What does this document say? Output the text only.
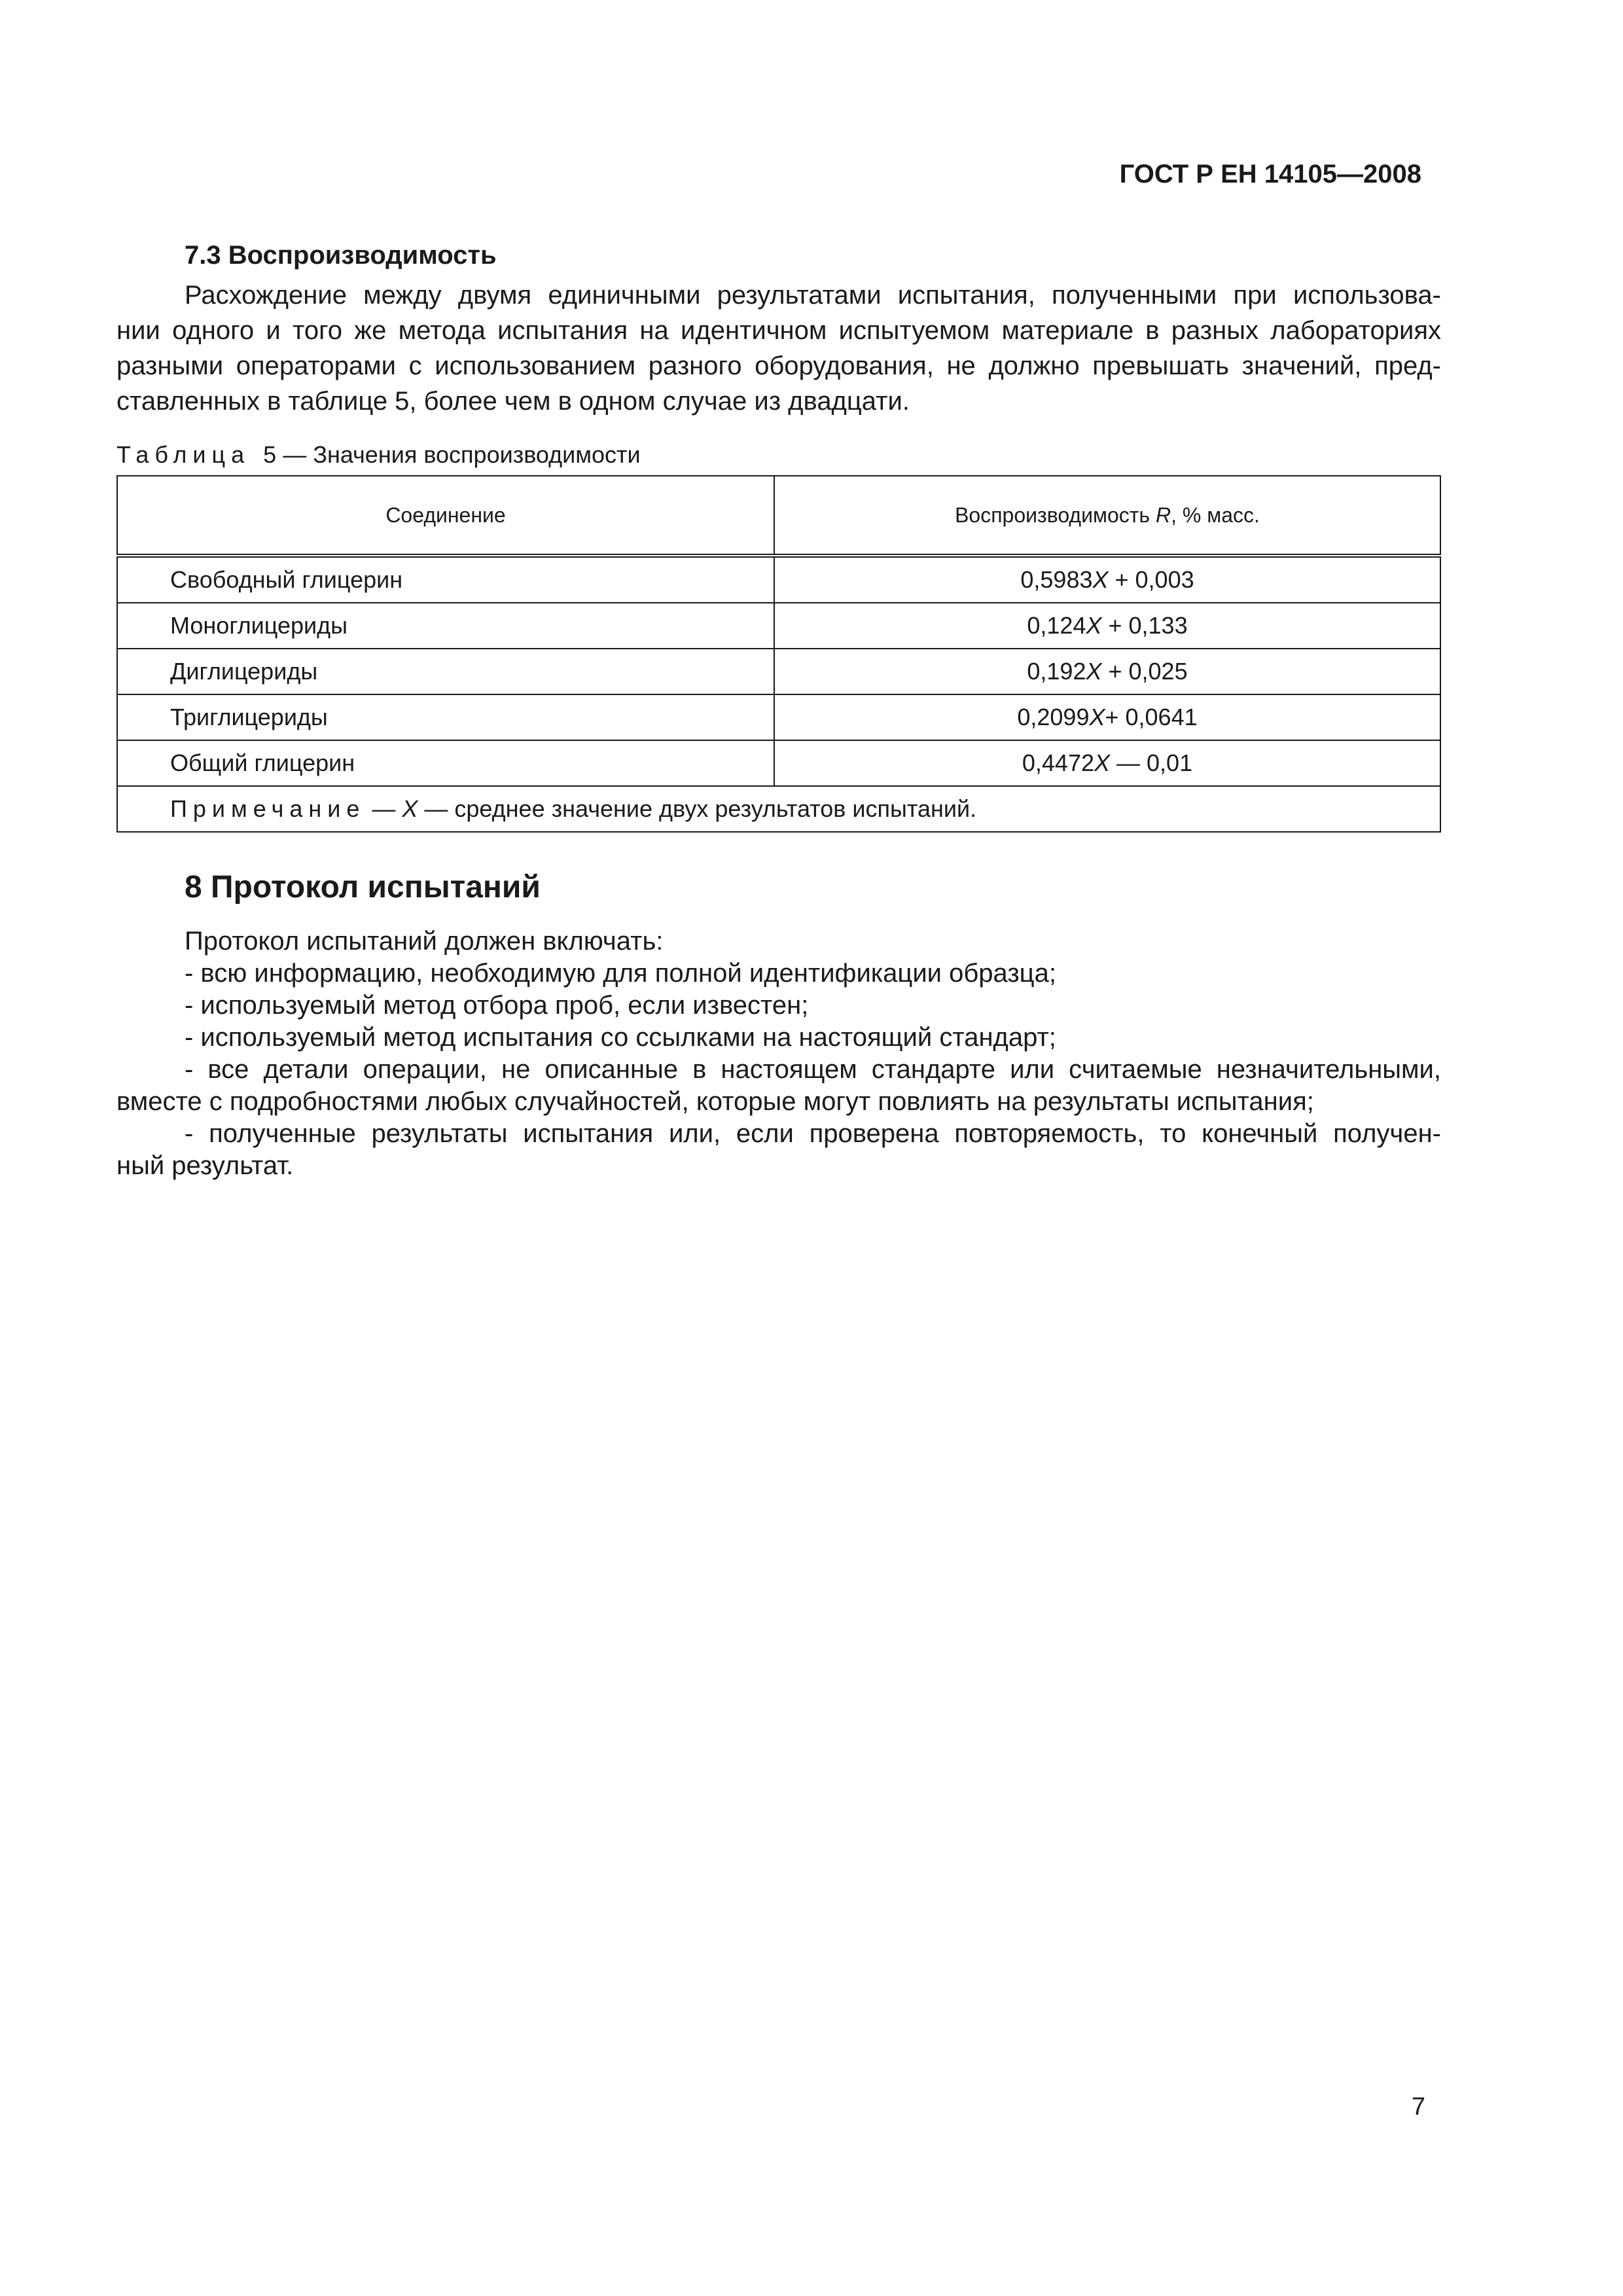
ГОСТ Р ЕН 14105—2008
7.3 Воспроизводимость
Расхождение между двумя единичными результатами испытания, полученными при использова-
нии одного и того же метода испытания на идентичном испытуемом материале в разных лабораториях
разными операторами с использованием разного оборудования, не должно превышать значений, пред-
ставленных в таблице 5, более чем в одном случае из двадцати.
Таблица 5 — Значения воспроизводимости
Соединение	Воспроизводимость R, % масс.
Свободный глицерин	0,5983X + 0,003
Моноглицериды	0,124X + 0,133
Диглицериды	0,192X + 0,025
Триглицериды	0,2099X+ 0,0641
Общий глицерин	0,4472X — 0,01
Примечание — X — среднее значение двух результатов испытаний.	
8 Протокол испытаний
Протокол испытаний должен включать:
- всю информацию, необходимую для полной идентификации образца;
- используемый метод отбора проб, если известен;
- используемый метод испытания со ссылками на настоящий стандарт;
- все детали операции, не описанные в настоящем стандарте или считаемые незначительными,
вместе с подробностями любых случайностей, которые могут повлиять на результаты испытания;
- полученные результаты испытания или, если проверена повторяемость, то конечный получен-
ный результат.
7
